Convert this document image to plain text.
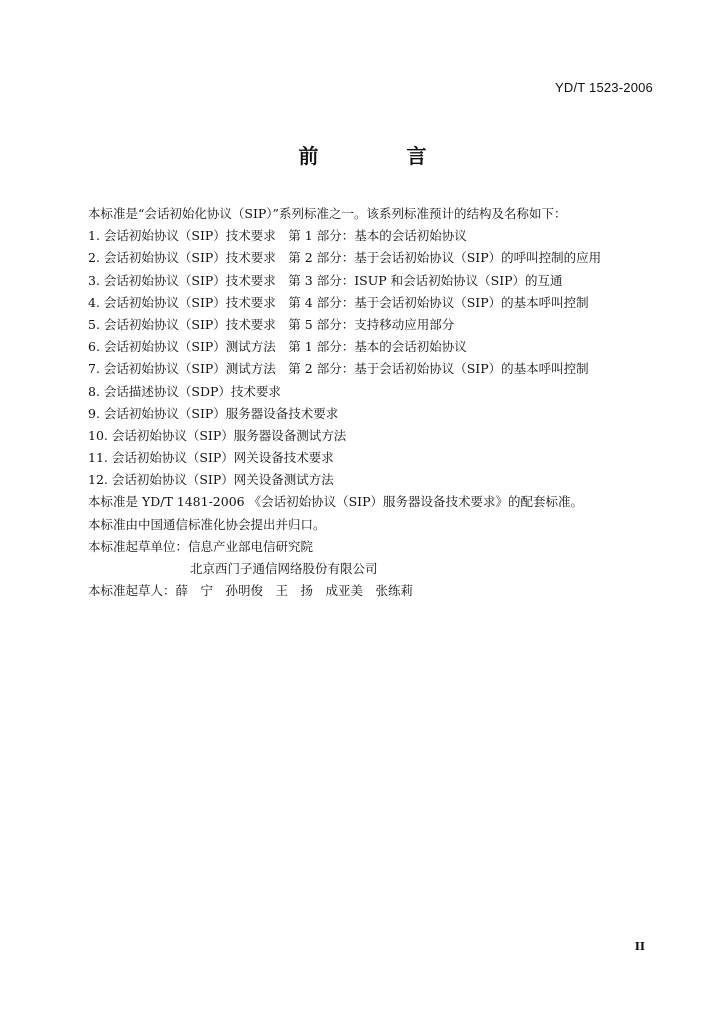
YD/T 1523-2006
前　言
本标准是“会话初始化协议（SIP）”系列标准之一。该系列标准预计的结构及名称如下：
1. 会话初始协议（SIP）技术要求　第 1 部分：基本的会话初始协议
2. 会话初始协议（SIP）技术要求　第 2 部分：基于会话初始协议（SIP）的呼叫控制的应用
3. 会话初始协议（SIP）技术要求　第 3 部分：ISUP 和会话初始协议（SIP）的互通
4. 会话初始协议（SIP）技术要求　第 4 部分：基于会话初始协议（SIP）的基本呼叫控制
5. 会话初始协议（SIP）技术要求　第 5 部分：支持移动应用部分
6. 会话初始协议（SIP）测试方法　第 1 部分：基本的会话初始协议
7. 会话初始协议（SIP）测试方法　第 2 部分：基于会话初始协议（SIP）的基本呼叫控制
8. 会话描述协议（SDP）技术要求
9. 会话初始协议（SIP）服务器设备技术要求
10. 会话初始协议（SIP）服务器设备测试方法
11. 会话初始协议（SIP）网关设备技术要求
12. 会话初始协议（SIP）网关设备测试方法
本标准是 YD/T 1481-2006 《会话初始协议（SIP）服务器设备技术要求》的配套标准。
本标准由中国通信标准化协会提出并归口。
本标准起草单位：信息产业部电信研究院
北京西门子通信网络股份有限公司
本标准起草人：薛　宁　孙明俊　王　扬　成亚美　张练莉
II
